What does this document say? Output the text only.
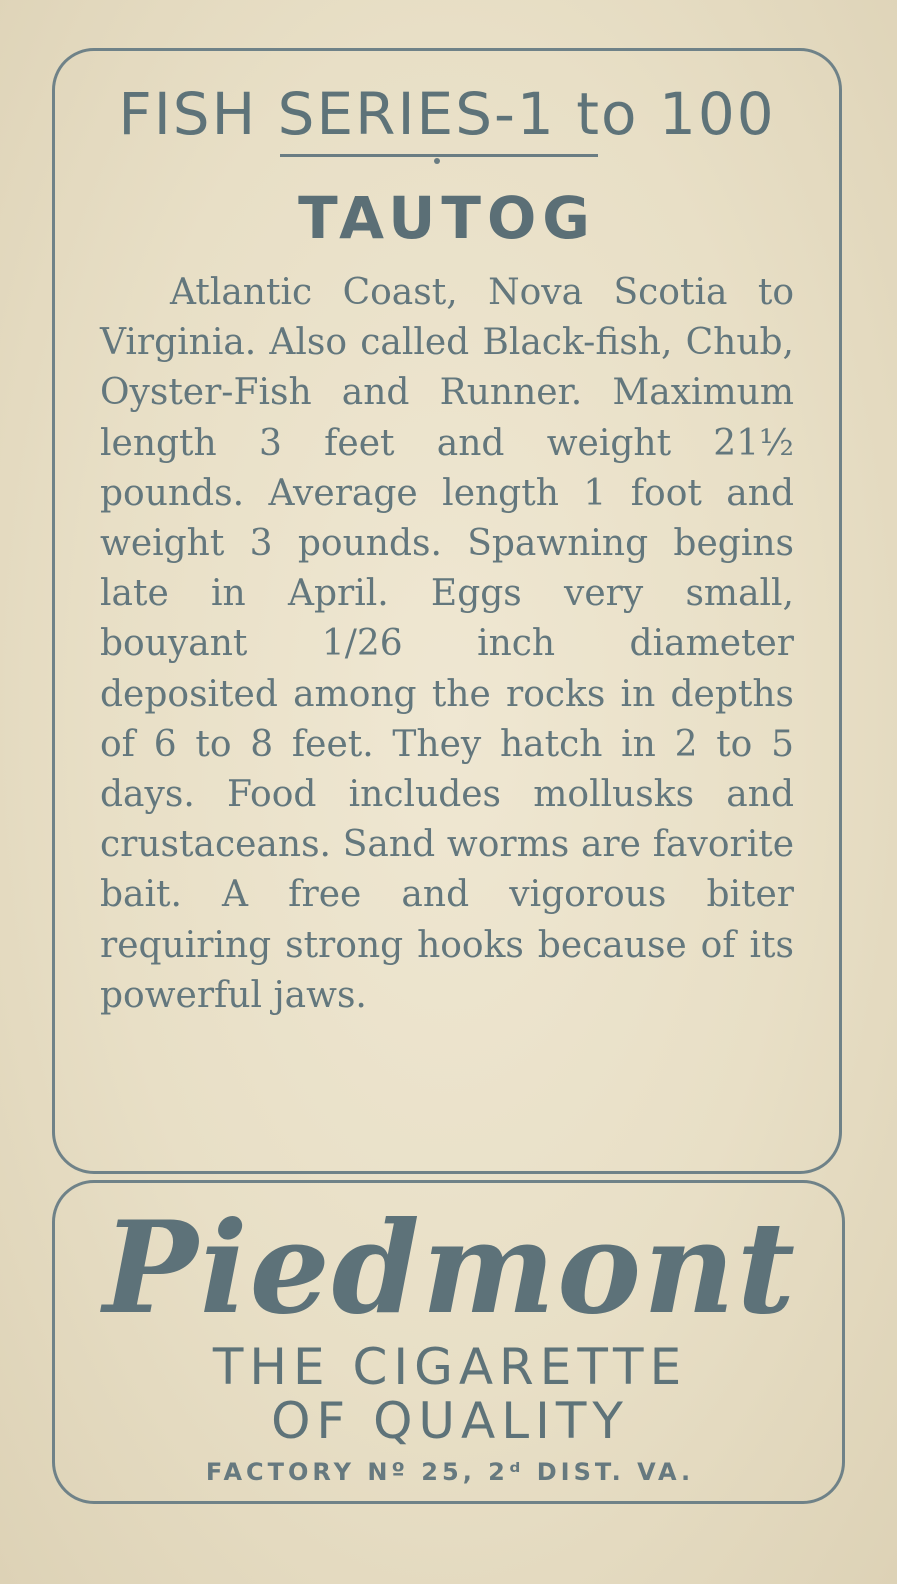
FISH SERIES-1 to 100
TAUTOG
Atlantic Coast, Nova Scotia to Virginia. Also called Black-fish, Chub, Oyster-Fish and Runner. Maximum length 3 feet and weight 21½ pounds. Average length 1 foot and weight 3 pounds. Spawning begins late in April. Eggs very small, bouyant 1/26 inch diameter deposited among the rocks in depths of 6 to 8 feet. They hatch in 2 to 5 days. Food includes mollusks and crustaceans. Sand worms are favorite bait. A free and vigorous biter requiring strong hooks because of its powerful jaws.
Piedmont
THE CIGARETTE
OF QUALITY
FACTORY Nº 25, 2ᵈ DIST. VA.
